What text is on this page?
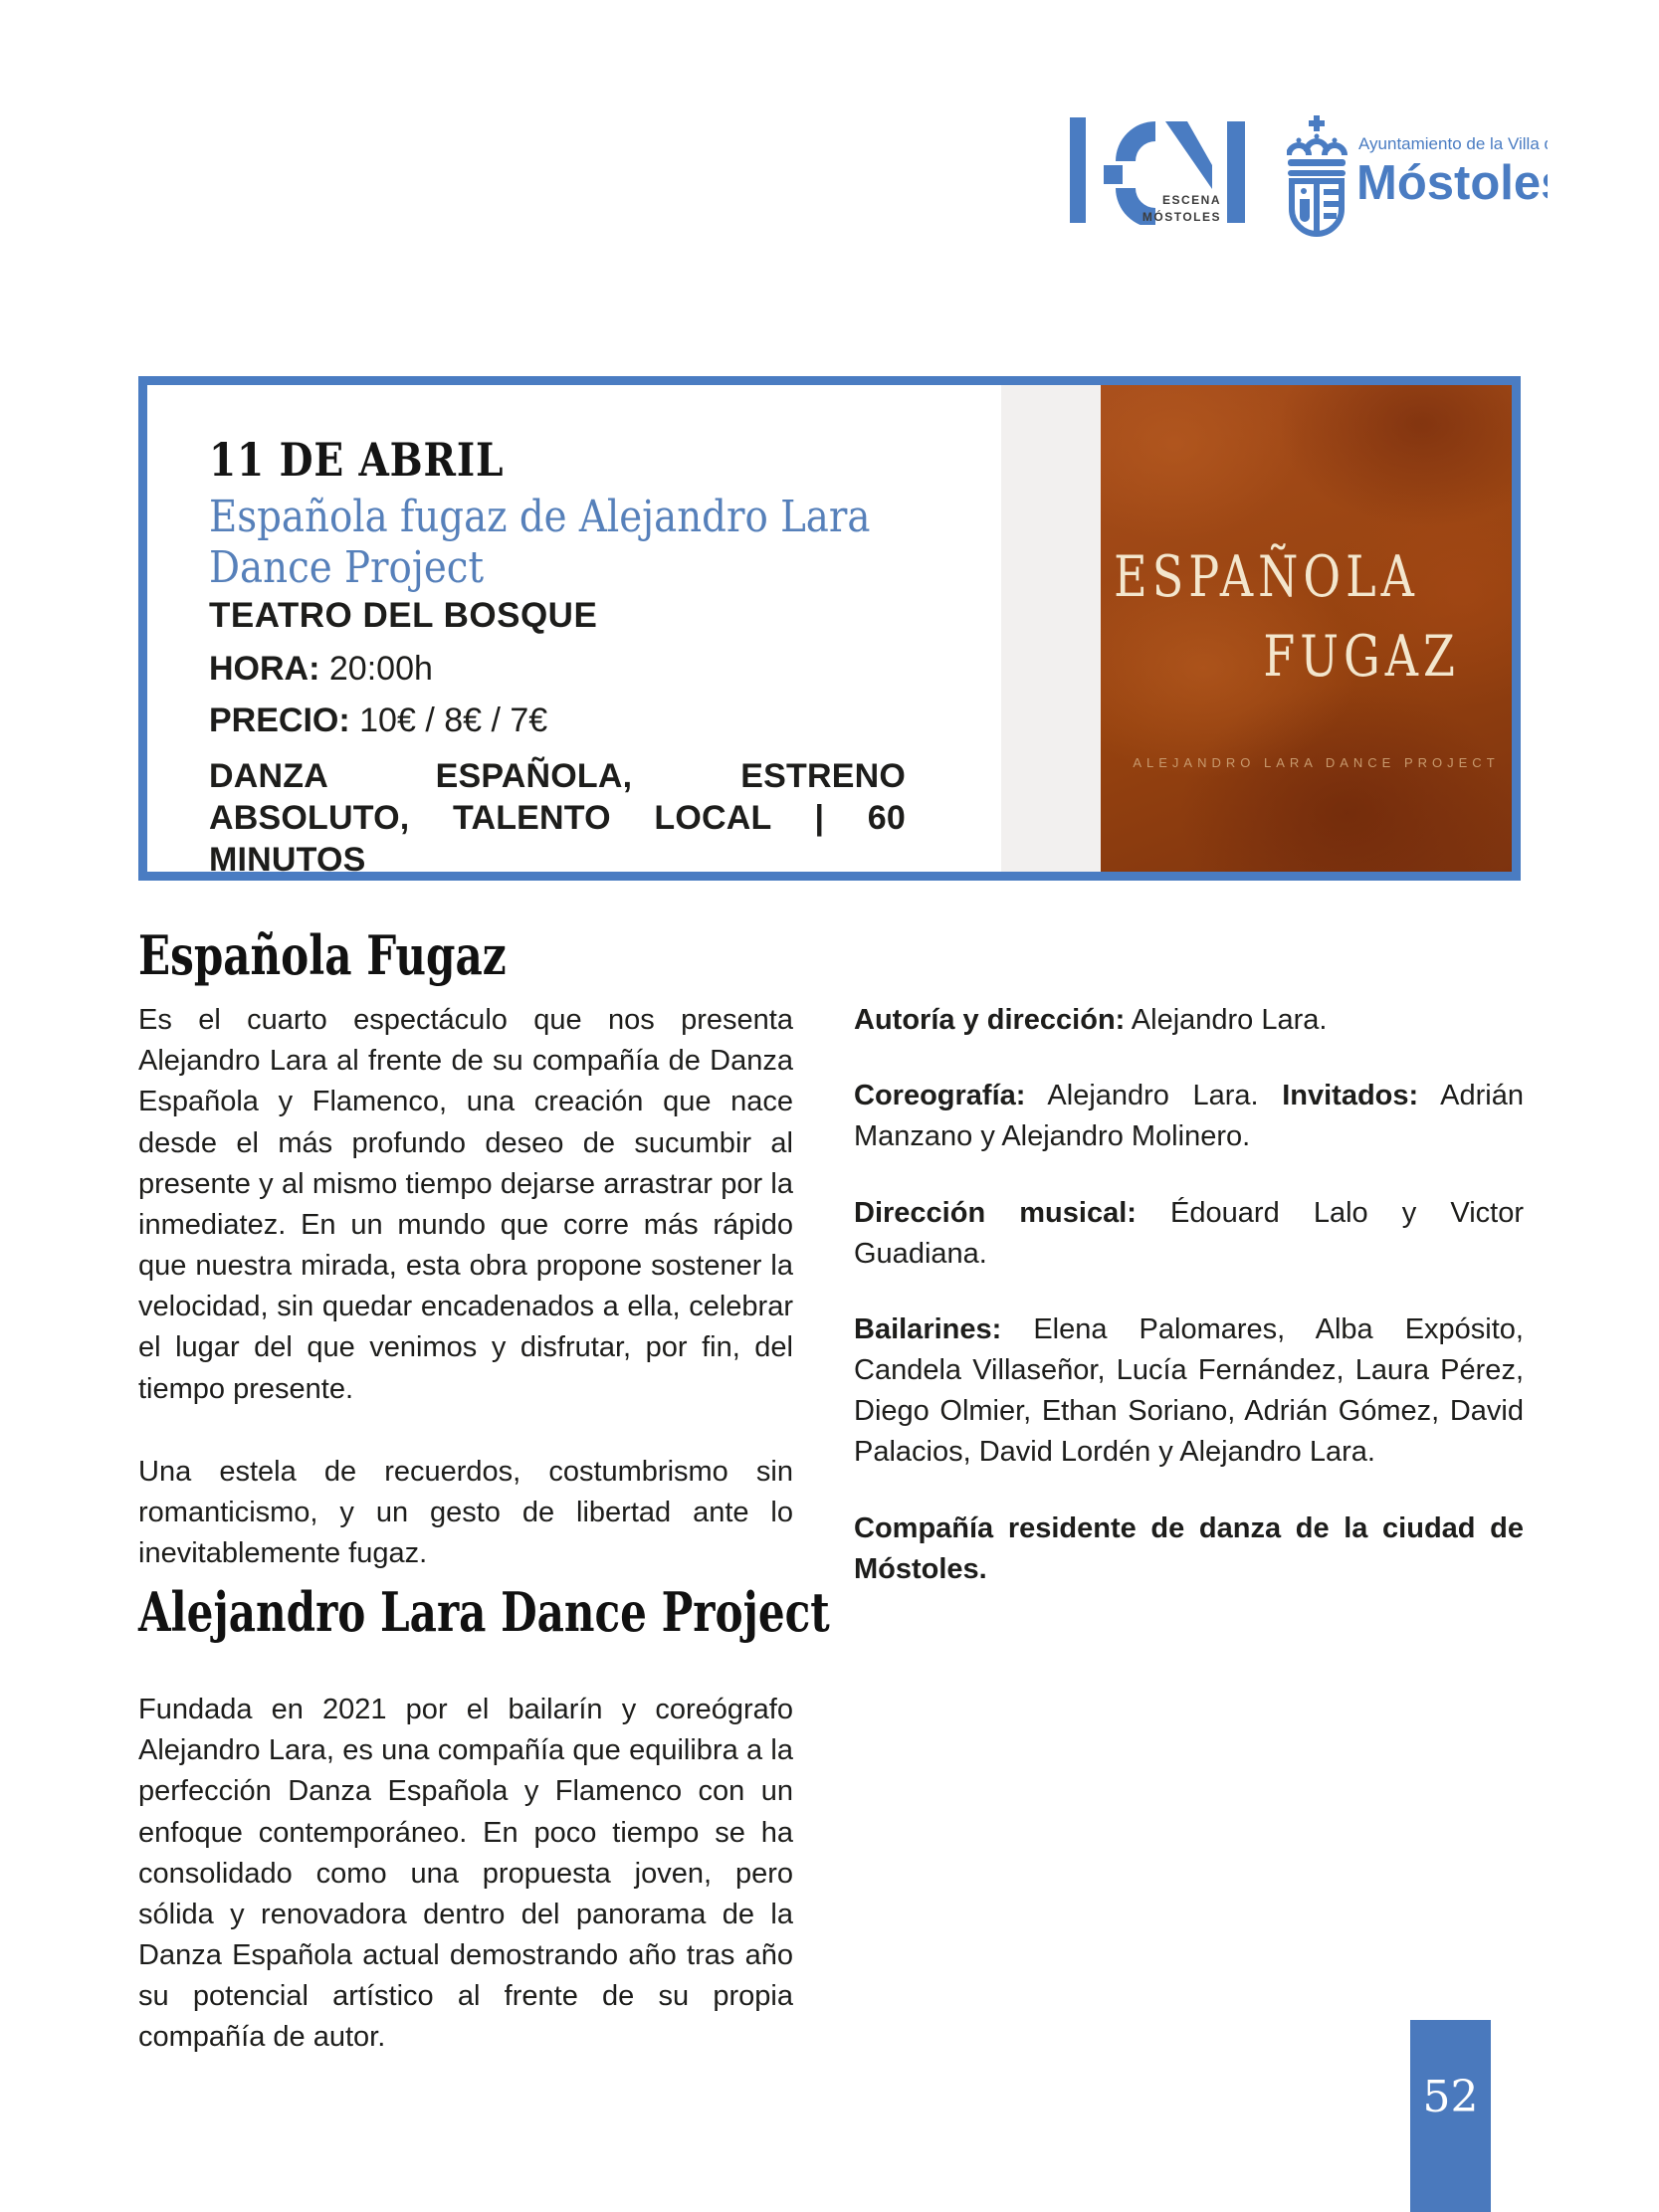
ESCENA
MÓSTOLES
Ayuntamiento de la Villa de
Móstoles
11 DE ABRIL
Española fugaz de Alejandro Lara Dance Project
TEATRO DEL BOSQUE
HORA: 20:00h
PRECIO: 10€ / 8€ / 7€
DANZA ESPAÑOLA, ESTRENO ABSOLUTO, TALENTO LOCAL | 60 MINUTOS
ESPAÑOLA
FUGAZ
ALEJANDRO LARA DANCE PROJECT
Española Fugaz

Es el cuarto espectáculo que nos presenta Alejandro Lara al frente de su compañía de Danza Española y Flamenco, una creación que nace desde el más profundo deseo de sucumbir al presente y al mismo tiempo dejarse arrastrar por la inmediatez. En un mundo que corre más rápido que nuestra mirada, esta obra propone sostener la velocidad, sin quedar encadenados a ella, celebrar el lugar del que venimos y disfrutar, por fin, del tiempo presente.

Una estela de recuerdos, costumbrismo sin romanticismo, y un gesto de libertad ante lo inevitablemente fugaz.

Alejandro Lara Dance Project

Fundada en 2021 por el bailarín y coreógrafo Alejandro Lara, es una compañía que equilibra a la perfección Danza Española y Flamenco con un enfoque contemporáneo. En poco tiempo se ha consolidado como una propuesta joven, pero sólida y renovadora dentro del panorama de la Danza Española actual demostrando año tras año su potencial artístico al frente de su propia compañía de autor.

Autoría y dirección: Alejandro Lara.

Coreografía: Alejandro Lara. Invitados: Adrián Manzano y Alejandro Molinero.

Dirección musical: Édouard Lalo y Victor Guadiana.

Bailarines: Elena Palomares, Alba Expósito, Candela Villaseñor, Lucía Fernández, Laura Pérez, Diego Olmier, Ethan Soriano, Adrián Gómez, David Palacios, David Lordén y Alejandro Lara.

Compañía residente de danza de la ciudad de Móstoles.

52
